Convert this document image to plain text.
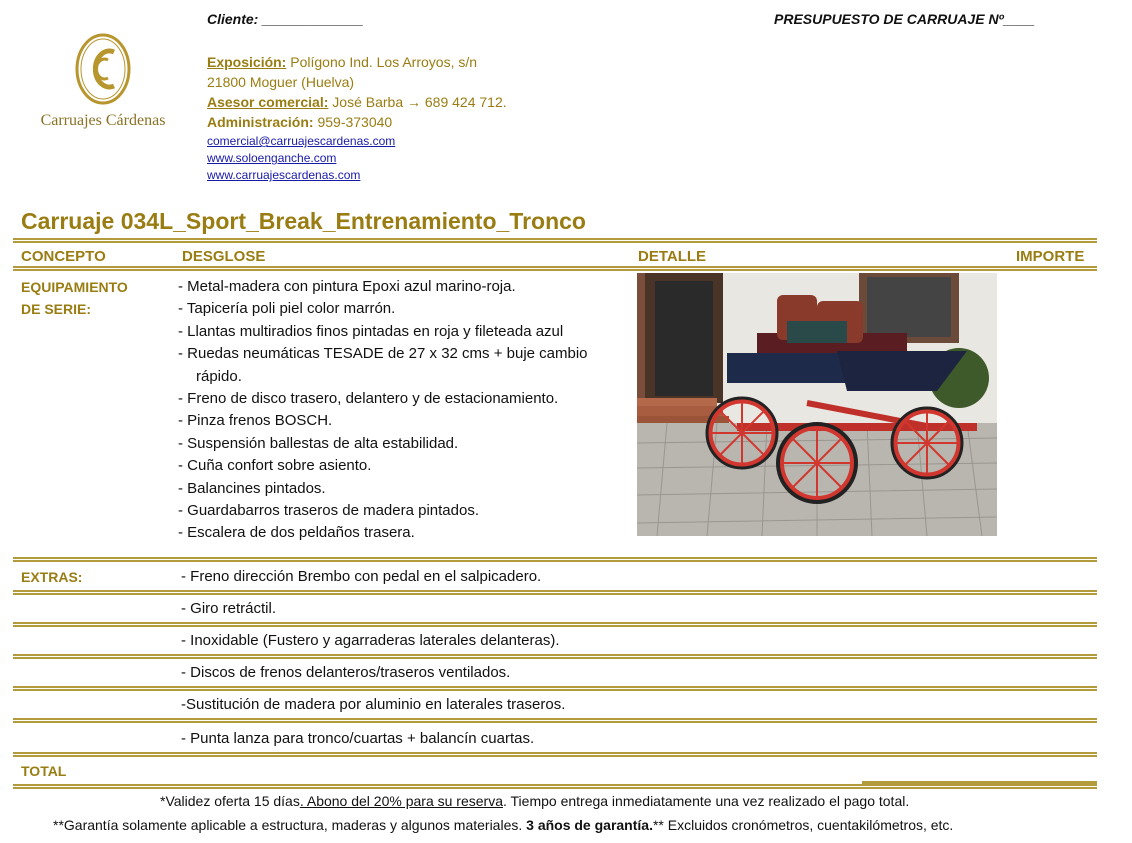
Carruajes Cárdenas
Cliente: _____________	PRESUPUESTO DE CARRUAJE Nº____
Exposición: Polígono Ind. Los Arroyos, s/n
21800 Moguer (Huelva)
Asesor comercial: José Barba → 689 424 712.
Administración: 959-373040
comercial@carruajescardenas.com
www.soloenganche.com
www.carruajescardenas.com
Carruaje 034L_Sport_Break_Entrenamiento_Tronco
CONCEPTO	DESGLOSE	DETALLE	IMPORTE
EQUIPAMIENTO
DE SERIE:
- Metal-madera con pintura Epoxi azul marino-roja.
- Tapicería poli piel color marrón.
- Llantas multiradios finos pintadas en roja y fileteada azul
- Ruedas neumáticas TESADE de 27 x 32 cms + buje cambio rápido.
- Freno de disco trasero, delantero y de estacionamiento.
- Pinza frenos BOSCH.
- Suspensión ballestas de alta estabilidad.
- Cuña confort sobre asiento.
- Balancines pintados.
- Guardabarros traseros de madera pintados.
- Escalera de dos peldaños trasera.
EXTRAS:	- Freno dirección Brembo con pedal en el salpicadero.
- Giro retráctil.
- Inoxidable (Fustero y agarraderas laterales delanteras).
- Discos de frenos delanteros/traseros ventilados.
-Sustitución de madera por aluminio en laterales traseros.
- Punta lanza para tronco/cuartas + balancín cuartas.
TOTAL
*Validez oferta 15 días. Abono del 20% para su reserva. Tiempo entrega inmediatamente una vez realizado el pago total.
**Garantía solamente aplicable a estructura, maderas y algunos materiales. 3 años de garantía.** Excluidos cronómetros, cuentakilómetros, etc.
